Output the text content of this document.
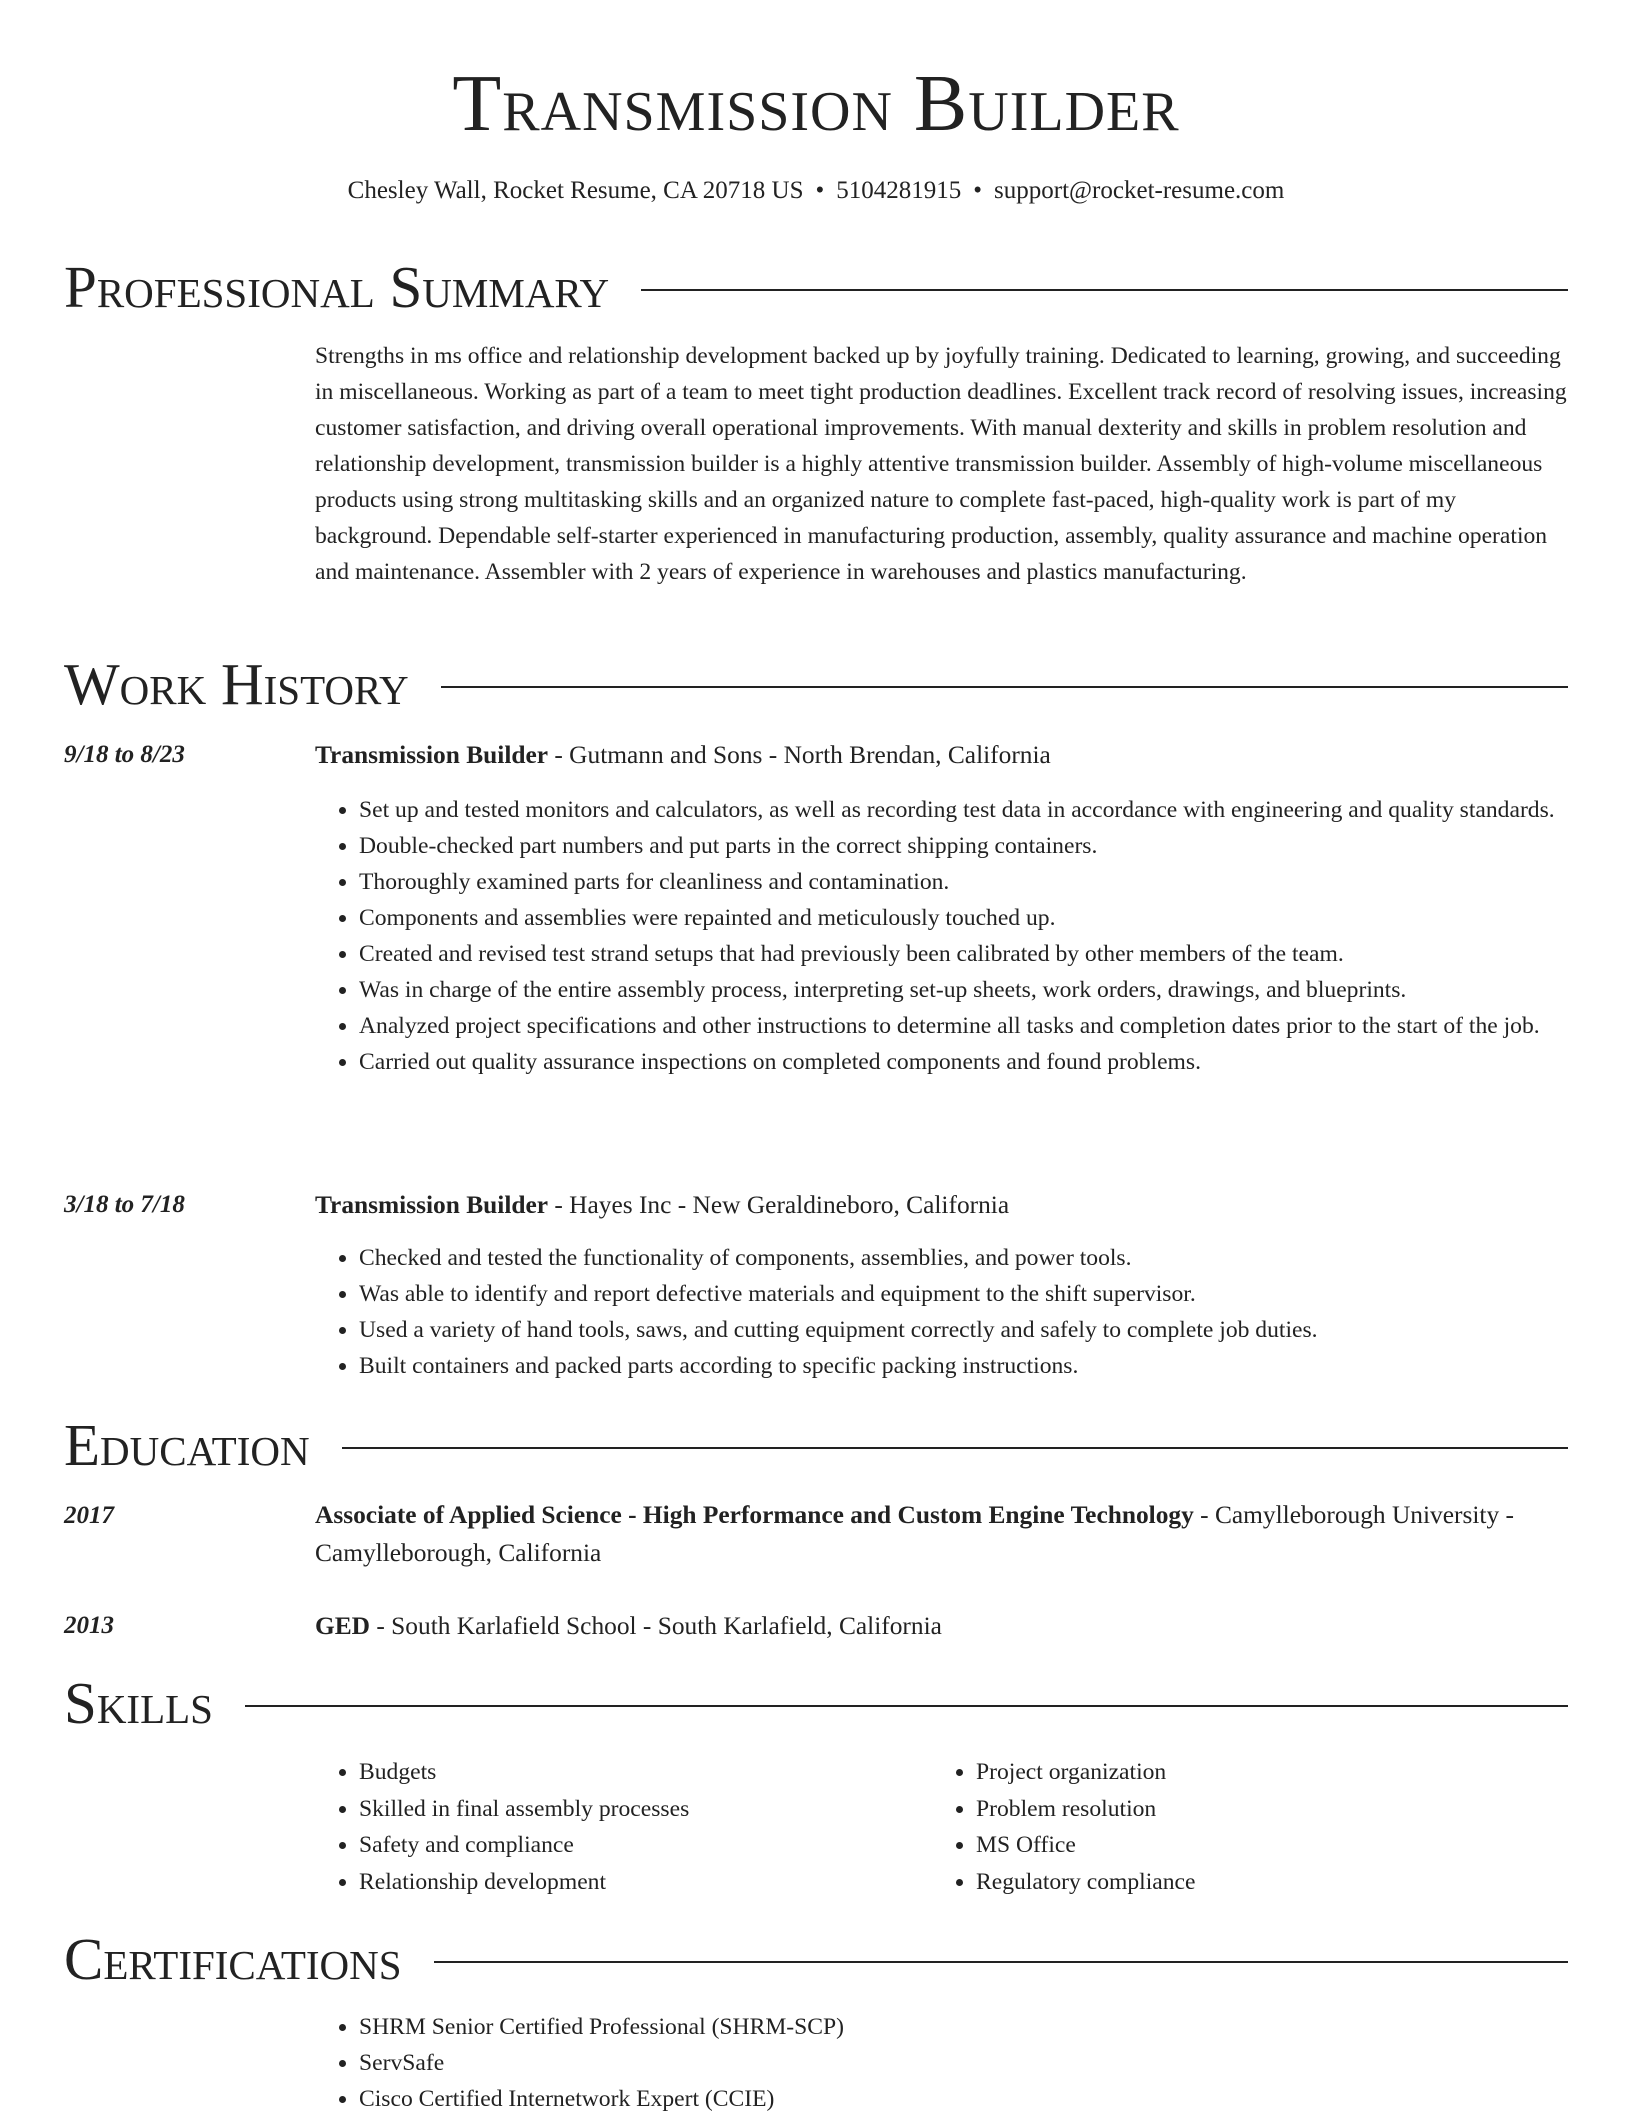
Transmission Builder
Chesley Wall, Rocket Resume, CA 20718 US • 5104281915 • support@rocket-resume.com
Professional Summary
Strengths in ms office and relationship development backed up by joyfully training. Dedicated to learning, growing, and succeeding in miscellaneous. Working as part of a team to meet tight production deadlines. Excellent track record of resolving issues, increasing customer satisfaction, and driving overall operational improvements. With manual dexterity and skills in problem resolution and relationship development, transmission builder is a highly attentive transmission builder. Assembly of high-volume miscellaneous products using strong multitasking skills and an organized nature to complete fast-paced, high-quality work is part of my background. Dependable self-starter experienced in manufacturing production, assembly, quality assurance and machine operation and maintenance. Assembler with 2 years of experience in warehouses and plastics manufacturing.
Work History
9/18 to 8/23	Transmission Builder - Gutmann and Sons - North Brendan, California
• Set up and tested monitors and calculators, as well as recording test data in accordance with engineering and quality standards.
• Double-checked part numbers and put parts in the correct shipping containers.
• Thoroughly examined parts for cleanliness and contamination.
• Components and assemblies were repainted and meticulously touched up.
• Created and revised test strand setups that had previously been calibrated by other members of the team.
• Was in charge of the entire assembly process, interpreting set-up sheets, work orders, drawings, and blueprints.
• Analyzed project specifications and other instructions to determine all tasks and completion dates prior to the start of the job.
• Carried out quality assurance inspections on completed components and found problems.
3/18 to 7/18	Transmission Builder - Hayes Inc - New Geraldineboro, California
• Checked and tested the functionality of components, assemblies, and power tools.
• Was able to identify and report defective materials and equipment to the shift supervisor.
• Used a variety of hand tools, saws, and cutting equipment correctly and safely to complete job duties.
• Built containers and packed parts according to specific packing instructions.
Education
2017	Associate of Applied Science - High Performance and Custom Engine Technology - Camylleborough University - Camylleborough, California
2013	GED - South Karlafield School - South Karlafield, California
Skills
• Budgets
• Skilled in final assembly processes
• Safety and compliance
• Relationship development
• Project organization
• Problem resolution
• MS Office
• Regulatory compliance
Certifications
• SHRM Senior Certified Professional (SHRM-SCP)
• ServSafe
• Cisco Certified Internetwork Expert (CCIE)
